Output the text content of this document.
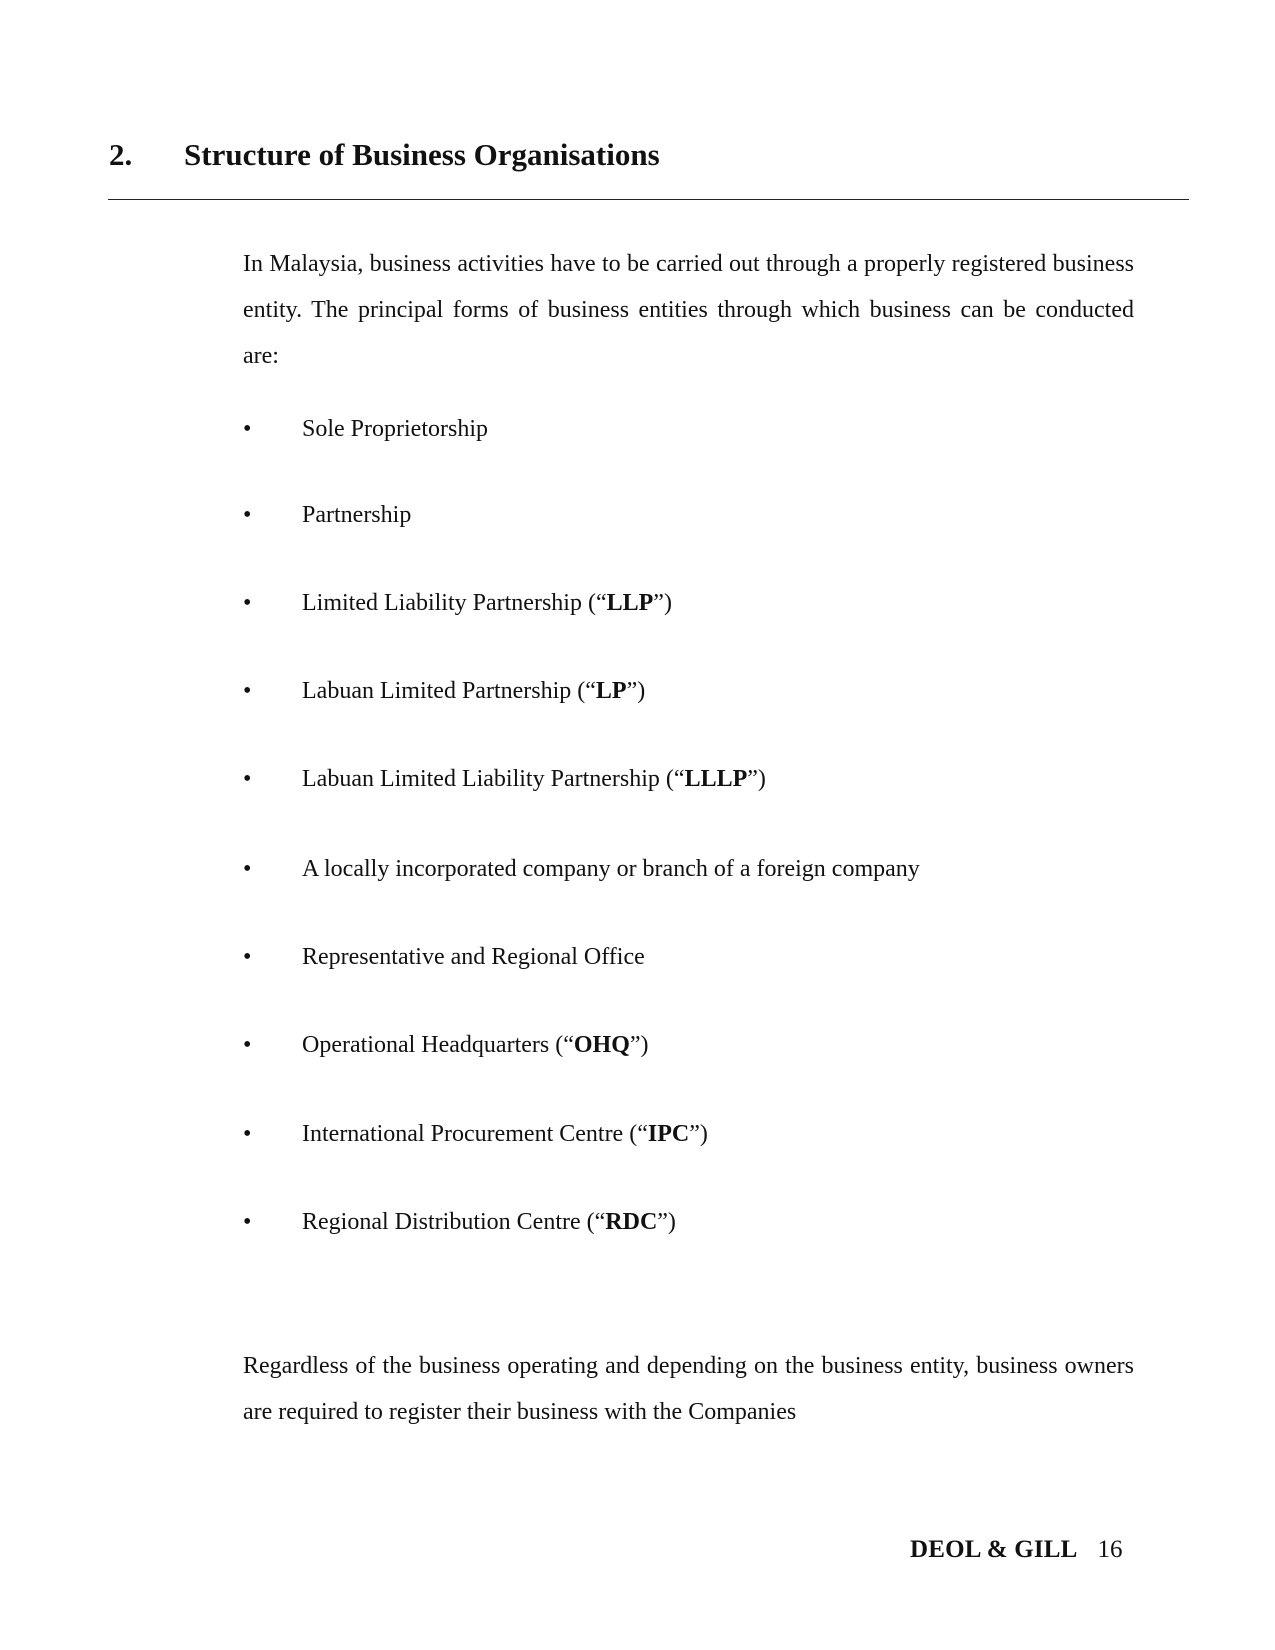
2. Structure of Business Organisations

In Malaysia, business activities have to be carried out through a properly registered business entity. The principal forms of business entities through which business can be conducted are:

• Sole Proprietorship
• Partnership
• Limited Liability Partnership (“LLP”)
• Labuan Limited Partnership (“LP”)
• Labuan Limited Liability Partnership (“LLLP”)
• A locally incorporated company or branch of a foreign company
• Representative and Regional Office
• Operational Headquarters (“OHQ”)
• International Procurement Centre (“IPC”)
• Regional Distribution Centre (“RDC”)

Regardless of the business operating and depending on the business entity, business owners are required to register their business with the Companies

DEOL & GILL 16
